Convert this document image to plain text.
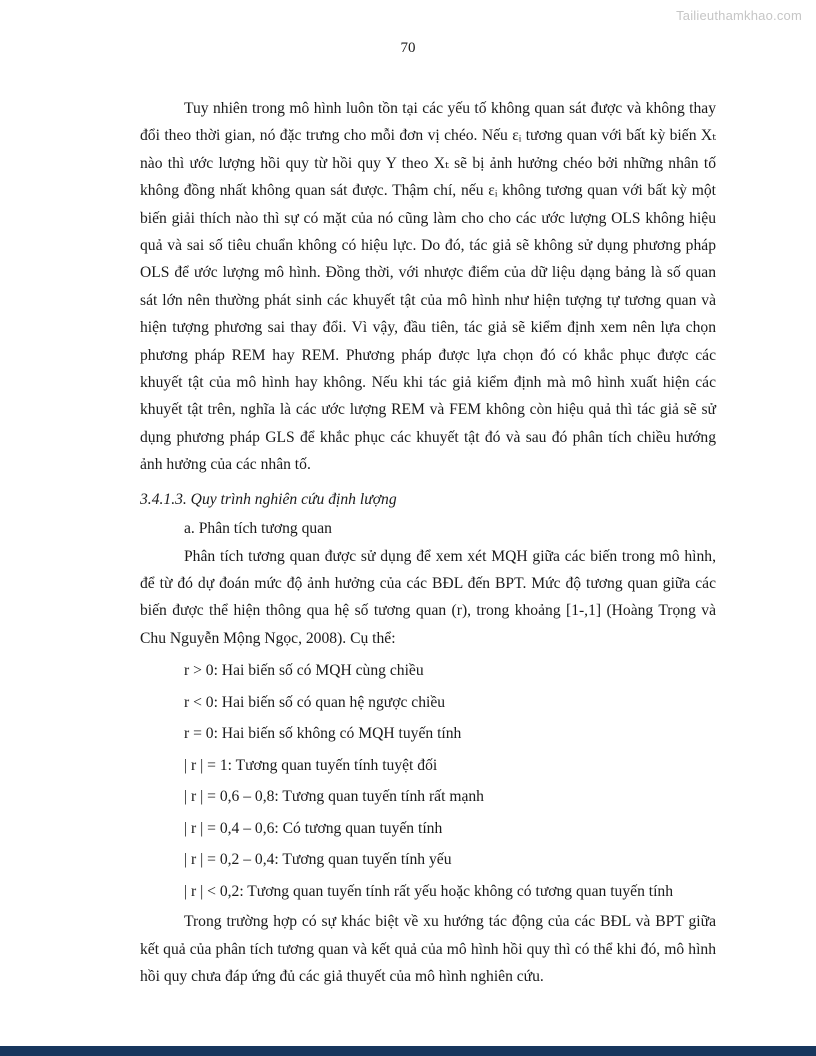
Tailieuthamkhao.com
70

Tuy nhiên trong mô hình luôn tồn tại các yếu tố không quan sát được và không thay đổi theo thời gian, nó đặc trưng cho mỗi đơn vị chéo. Nếu εᵢ tương quan với bất kỳ biến Xₜ nào thì ước lượng hồi quy từ hồi quy Y theo Xₜ sẽ bị ảnh hưởng chéo bởi những nhân tố không đồng nhất không quan sát được. Thậm chí, nếu εᵢ không tương quan với bất kỳ một biến giải thích nào thì sự có mặt của nó cũng làm cho cho các ước lượng OLS không hiệu quả và sai số tiêu chuẩn không có hiệu lực. Do đó, tác giả sẽ không sử dụng phương pháp OLS để ước lượng mô hình. Đồng thời, với nhược điểm của dữ liệu dạng bảng là số quan sát lớn nên thường phát sinh các khuyết tật của mô hình như hiện tượng tự tương quan và hiện tượng phương sai thay đổi. Vì vậy, đầu tiên, tác giả sẽ kiểm định xem nên lựa chọn phương pháp REM hay REM. Phương pháp được lựa chọn đó có khắc phục được các khuyết tật của mô hình hay không. Nếu khi tác giả kiểm định mà mô hình xuất hiện các khuyết tật trên, nghĩa là các ước lượng REM và FEM không còn hiệu quả thì tác giả sẽ sử dụng phương pháp GLS để khắc phục các khuyết tật đó và sau đó phân tích chiều hướng ảnh hưởng của các nhân tố.

3.4.1.3. Quy trình nghiên cứu định lượng

a. Phân tích tương quan

Phân tích tương quan được sử dụng để xem xét MQH giữa các biến trong mô hình, để từ đó dự đoán mức độ ảnh hưởng của các BĐL đến BPT. Mức độ tương quan giữa các biến được thể hiện thông qua hệ số tương quan (r), trong khoảng [1-,1] (Hoàng Trọng và Chu Nguyễn Mộng Ngọc, 2008). Cụ thể:

r > 0: Hai biến số có MQH cùng chiều

r < 0: Hai biến số có quan hệ ngược chiều

r = 0: Hai biến số không có MQH tuyến tính

| r | = 1: Tương quan tuyến tính tuyệt đối

| r | = 0,6 – 0,8: Tương quan tuyến tính rất mạnh

| r | = 0,4 – 0,6: Có tương quan tuyến tính

| r | = 0,2 – 0,4: Tương quan tuyến tính yếu

| r | < 0,2: Tương quan tuyến tính rất yếu hoặc không có tương quan tuyến tính

Trong trường hợp có sự khác biệt về xu hướng tác động của các BĐL và BPT giữa kết quả của phân tích tương quan và kết quả của mô hình hồi quy thì có thể khi đó, mô hình hồi quy chưa đáp ứng đủ các giả thuyết của mô hình nghiên cứu.
